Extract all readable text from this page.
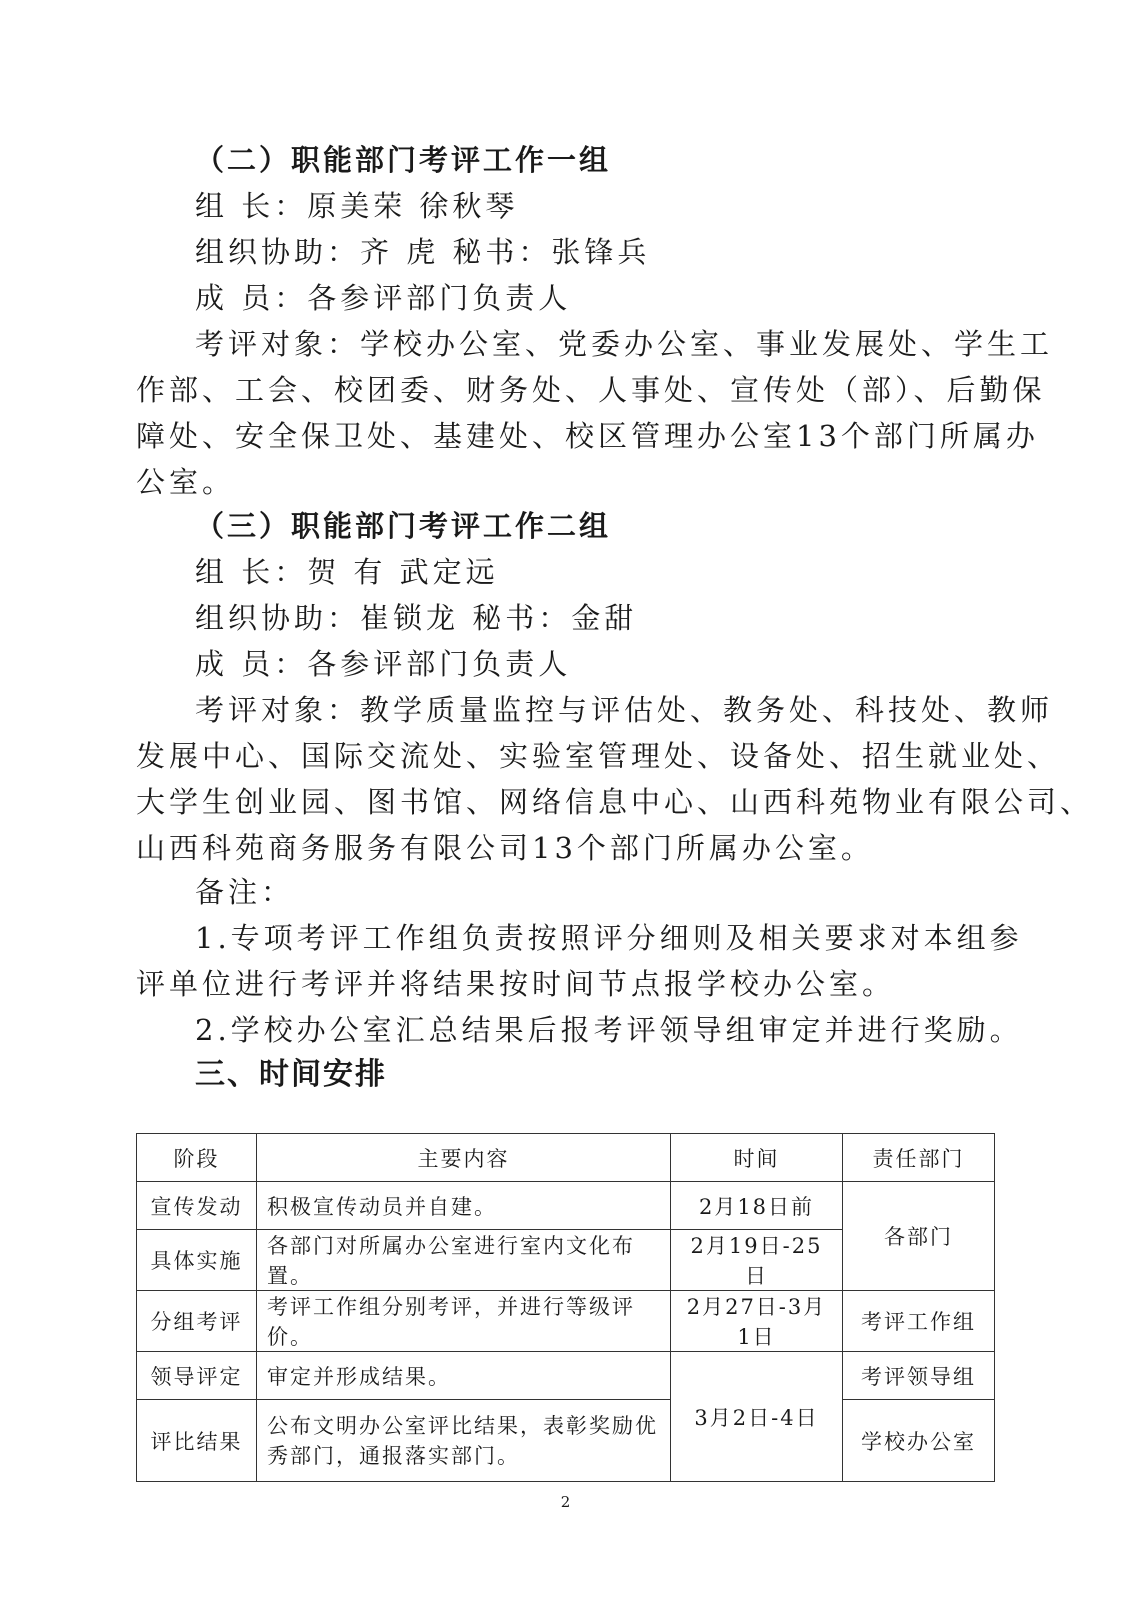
（二）职能部门考评工作一组
组 长：原美荣 徐秋琴
组织协助：齐 虎 秘书：张锋兵
成 员：各参评部门负责人
考评对象：学校办公室、党委办公室、事业发展处、学生工
作部、工会、校团委、财务处、人事处、宣传处（部）、后勤保
障处、安全保卫处、基建处、校区管理办公室13个部门所属办
公室。
（三）职能部门考评工作二组
组 长：贺 有 武定远
组织协助：崔锁龙 秘书：金甜
成 员：各参评部门负责人
考评对象：教学质量监控与评估处、教务处、科技处、教师
发展中心、国际交流处、实验室管理处、设备处、招生就业处、
大学生创业园、图书馆、网络信息中心、山西科苑物业有限公司、
山西科苑商务服务有限公司13个部门所属办公室。
备注：
1.专项考评工作组负责按照评分细则及相关要求对本组参
评单位进行考评并将结果按时间节点报学校办公室。
2.学校办公室汇总结果后报考评领导组审定并进行奖励。
三、时间安排
阶段	主要内容	时间	责任部门
宣传发动	积极宣传动员并自建。	2月18日前	各部门
具体实施	各部门对所属办公室进行室内文化布置。	2月19日-25日	
分组考评	考评工作组分别考评，并进行等级评价。	2月27日-3月1日	考评工作组
领导评定	审定并形成结果。	3月2日-4日	考评领导组
评比结果	公布文明办公室评比结果，表彰奖励优秀部门，通报落实部门。		学校办公室
2
